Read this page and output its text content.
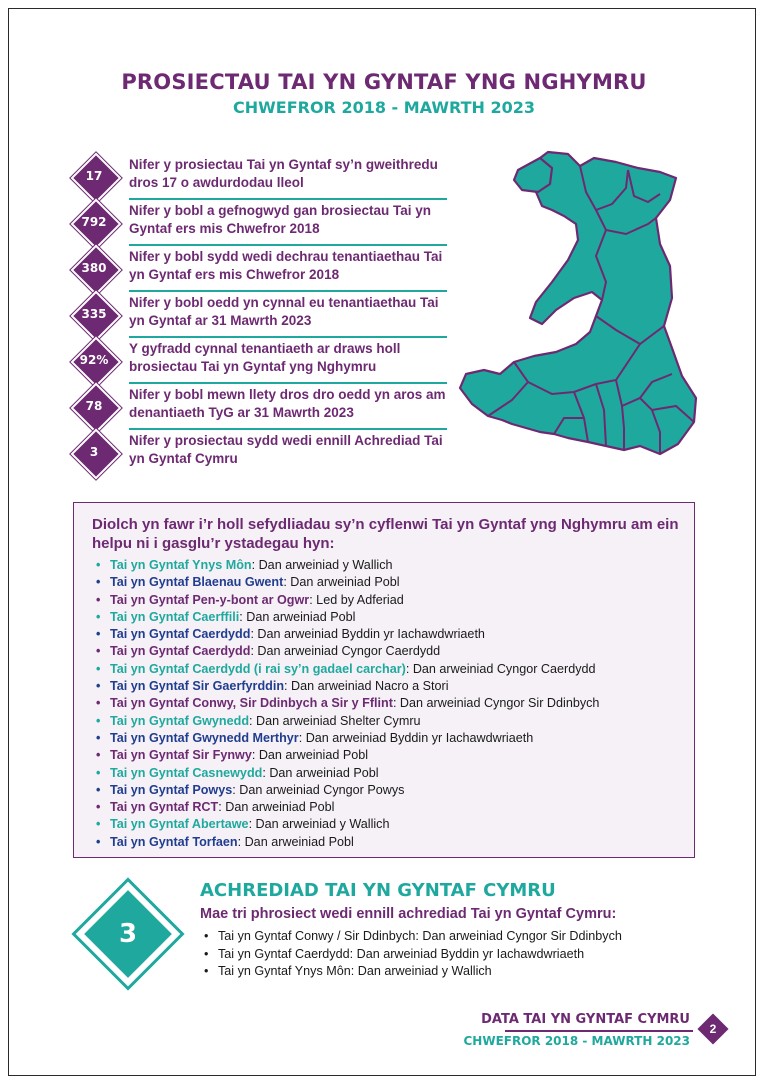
PROSIECTAU TAI YN GYNTAF YNG NGHYMRU
CHWEFROR 2018 - MAWRTH 2023
17
Nifer y prosiectau Tai yn Gyntaf sy’n gweithredu dros 17 o awdurdodau lleol
792
Nifer y bobl a gefnogwyd gan brosiectau Tai yn Gyntaf ers mis Chwefror 2018
380
Nifer y bobl sydd wedi dechrau tenantiaethau Tai yn Gyntaf ers mis Chwefror 2018
335
Nifer y bobl oedd yn cynnal eu tenantiaethau Tai yn Gyntaf ar 31 Mawrth 2023
92%
Y gyfradd cynnal tenantiaeth ar draws holl brosiectau Tai yn Gyntaf yng Nghymru
78
Nifer y bobl mewn llety dros dro oedd yn aros am denantiaeth TyG ar 31 Mawrth 2023
3
Nifer y prosiectau sydd wedi ennill Achrediad Tai yn Gyntaf Cymru
Diolch yn fawr i’r holl sefydliadau sy’n cyflenwi Tai yn Gyntaf yng Nghymru am ein helpu ni i gasglu’r ystadegau hyn:
• Tai yn Gyntaf Ynys Môn: Dan arweiniad y Wallich
• Tai yn Gyntaf Blaenau Gwent: Dan arweiniad Pobl
• Tai yn Gyntaf Pen-y-bont ar Ogwr: Led by Adferiad
• Tai yn Gyntaf Caerffili: Dan arweiniad Pobl
• Tai yn Gyntaf Caerdydd: Dan arweiniad Byddin yr Iachawdwriaeth
• Tai yn Gyntaf Caerdydd: Dan arweiniad Cyngor Caerdydd
• Tai yn Gyntaf Caerdydd (i rai sy’n gadael carchar): Dan arweiniad Cyngor Caerdydd
• Tai yn Gyntaf Sir Gaerfyrddin: Dan arweiniad Nacro a Stori
• Tai yn Gyntaf Conwy, Sir Ddinbych a Sir y Fflint: Dan arweiniad Cyngor Sir Ddinbych
• Tai yn Gyntaf Gwynedd: Dan arweiniad Shelter Cymru
• Tai yn Gyntaf Gwynedd Merthyr: Dan arweiniad Byddin yr Iachawdwriaeth
• Tai yn Gyntaf Sir Fynwy: Dan arweiniad Pobl
• Tai yn Gyntaf Casnewydd: Dan arweiniad Pobl
• Tai yn Gyntaf Powys: Dan arweiniad Cyngor Powys
• Tai yn Gyntaf RCT: Dan arweiniad Pobl
• Tai yn Gyntaf Abertawe: Dan arweiniad y Wallich
• Tai yn Gyntaf Torfaen: Dan arweiniad Pobl
3
ACHREDIAD TAI YN GYNTAF CYMRU
Mae tri phrosiect wedi ennill achrediad Tai yn Gyntaf Cymru:
• Tai yn Gyntaf Conwy / Sir Ddinbych: Dan arweiniad Cyngor Sir Ddinbych
• Tai yn Gyntaf Caerdydd: Dan arweiniad Byddin yr Iachawdwriaeth
• Tai yn Gyntaf Ynys Môn: Dan arweiniad y Wallich
DATA TAI YN GYNTAF CYMRU
CHWEFROR 2018 - MAWRTH 2023
2
